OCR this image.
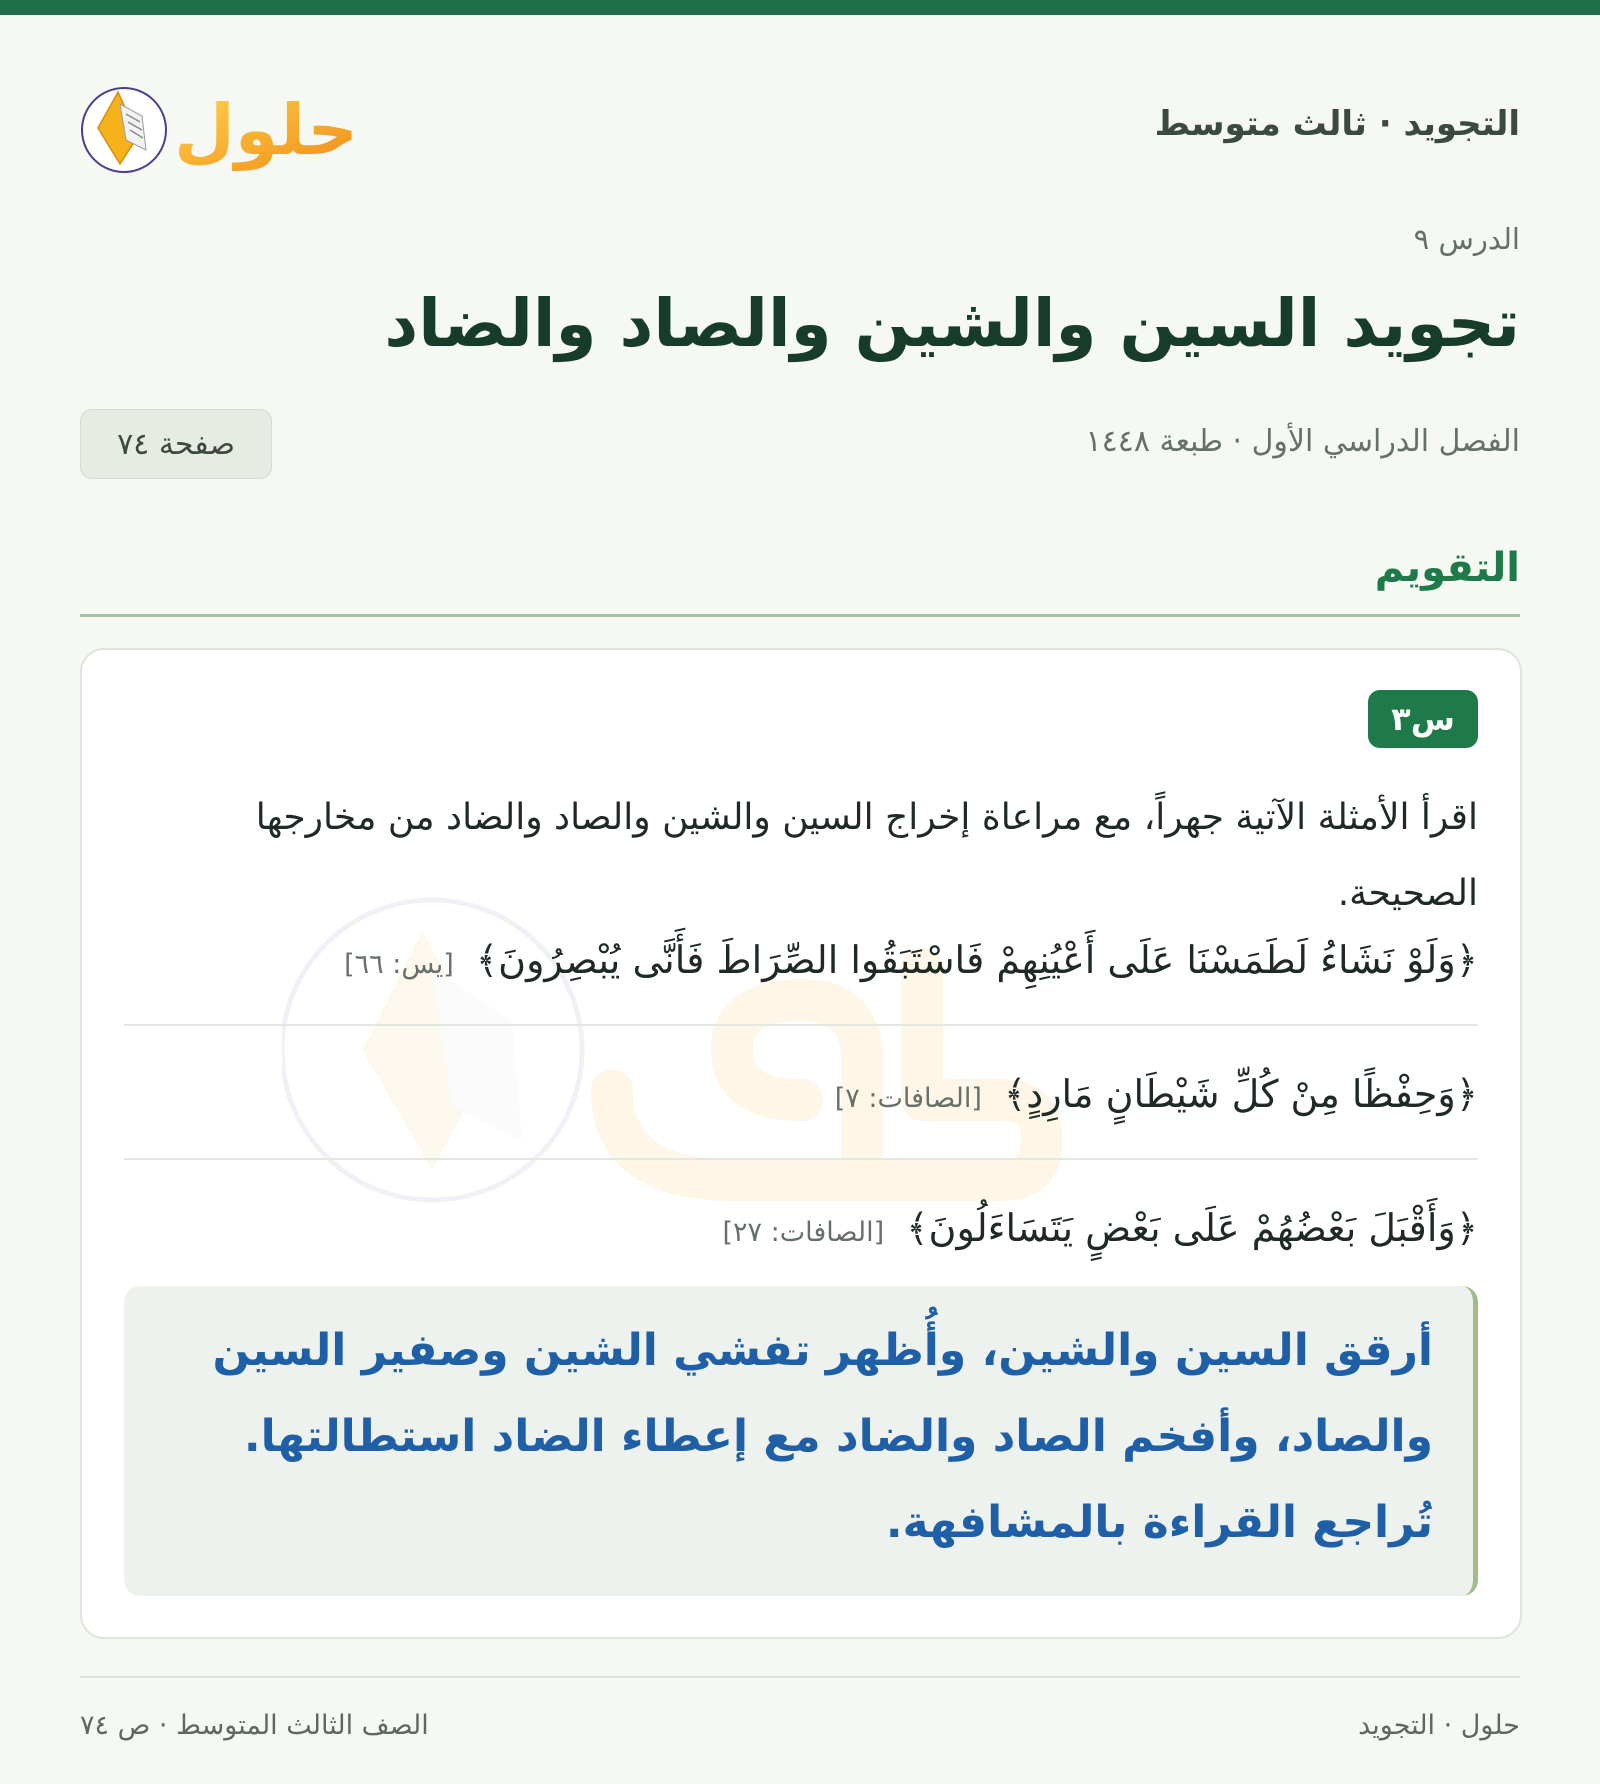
حلول	التجويد · ثالث متوسط
الدرس ٩
تجويد السين والشين والصاد والضاد
الفصل الدراسي الأول · طبعة ١٤٤٨
صفحة ٧٤
التقويم
س٣
اقرأ الأمثلة الآتية جهراً، مع مراعاة إخراج السين والشين والصاد والضاد من مخارجها الصحيحة.
﴿وَلَوْ نَشَاءُ لَطَمَسْنَا عَلَى أَعْيُنِهِمْ فَاسْتَبَقُوا الصِّرَاطَ فَأَنَّى يُبْصِرُونَ﴾ [يس: ٦٦]
﴿وَحِفْظًا مِنْ كُلِّ شَيْطَانٍ مَارِدٍ﴾ [الصافات: ٧]
﴿وَأَقْبَلَ بَعْضُهُمْ عَلَى بَعْضٍ يَتَسَاءَلُونَ﴾ [الصافات: ٢٧]
أرقق السين والشين، وأُظهر تفشي الشين وصفير السين والصاد، وأفخم الصاد والضاد مع إعطاء الضاد استطالتها. تُراجع القراءة بالمشافهة.
حلول · التجويد
الصف الثالث المتوسط · ص ٧٤
